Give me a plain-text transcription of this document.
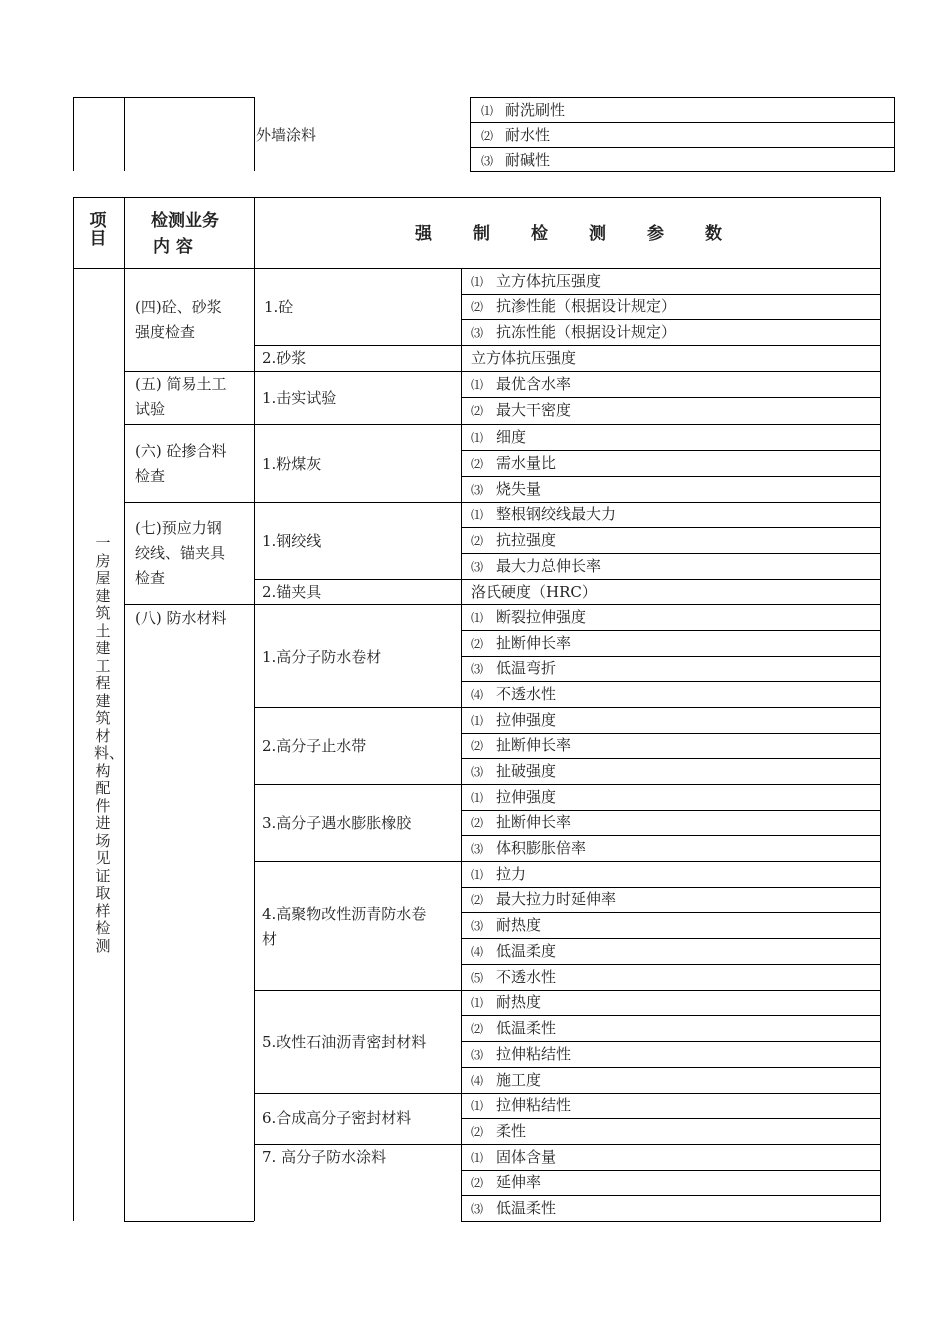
外墙涂料
⑴ 耐洗刷性
⑵ 耐水性
⑶ 耐碱性
项目
检测业务
内 容
强 制 检 测 参 数
一房屋建筑土建工程建筑材料、构配件进场见证取样检测
(四)砼、砂浆
强度检查
(五) 简易土工
试验
(六) 砼掺合料
检查
(七)预应力钢
绞线、锚夹具
检查
(八) 防水材料
1.砼
2.砂浆
1.击实试验
1.粉煤灰
1.钢绞线
2.锚夹具
1.高分子防水卷材
2.高分子止水带
3.高分子遇水膨胀橡胶
4.高聚物改性沥青防水卷
材
5.改性石油沥青密封材料
6.合成高分子密封材料
7. 高分子防水涂料
⑴ 立方体抗压强度
⑵ 抗渗性能（根据设计规定）
⑶ 抗冻性能（根据设计规定）
立方体抗压强度
⑴ 最优含水率
⑵ 最大干密度
⑴ 细度
⑵ 需水量比
⑶ 烧失量
⑴ 整根钢绞线最大力
⑵ 抗拉强度
⑶ 最大力总伸长率
洛氏硬度（HRC）
⑴ 断裂拉伸强度
⑵ 扯断伸长率
⑶ 低温弯折
⑷ 不透水性
⑴ 拉伸强度
⑵ 扯断伸长率
⑶ 扯破强度
⑴ 拉伸强度
⑵ 扯断伸长率
⑶ 体积膨胀倍率
⑴ 拉力
⑵ 最大拉力时延伸率
⑶ 耐热度
⑷ 低温柔度
⑸ 不透水性
⑴ 耐热度
⑵ 低温柔性
⑶ 拉伸粘结性
⑷ 施工度
⑴ 拉伸粘结性
⑵ 柔性
⑴ 固体含量
⑵ 延伸率
⑶ 低温柔性
